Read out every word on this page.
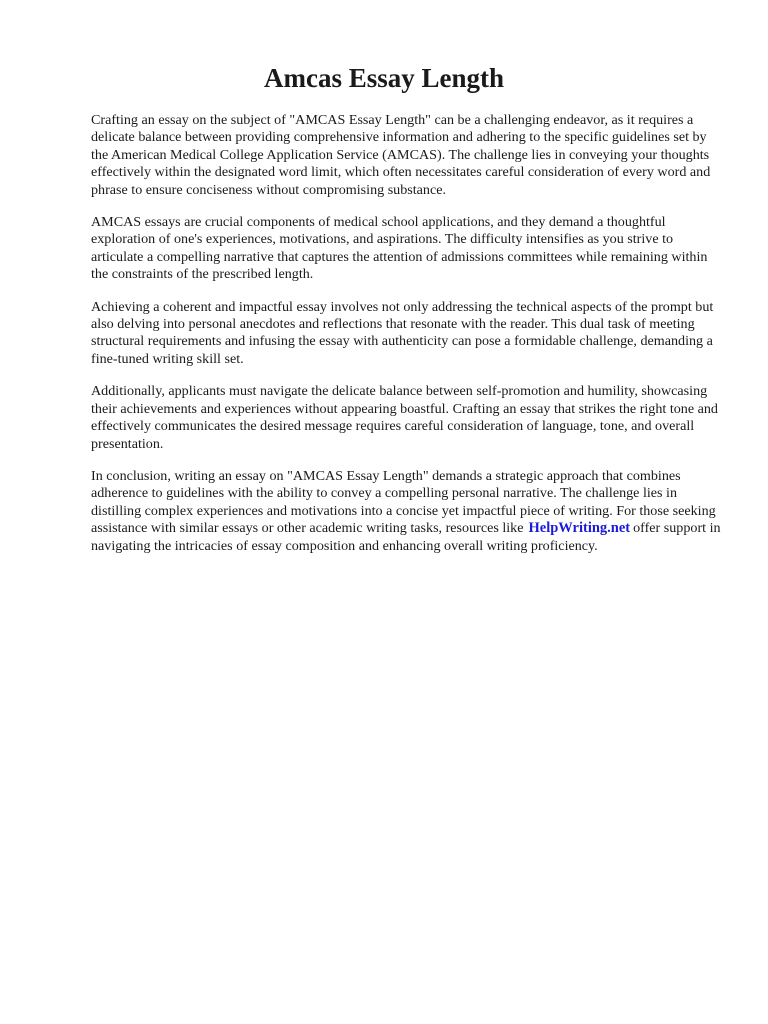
Amcas Essay Length

Crafting an essay on the subject of "AMCAS Essay Length" can be a challenging endeavor, as it requires a delicate balance between providing comprehensive information and adhering to the specific guidelines set by the American Medical College Application Service (AMCAS). The challenge lies in conveying your thoughts effectively within the designated word limit, which often necessitates careful consideration of every word and phrase to ensure conciseness without compromising substance.

AMCAS essays are crucial components of medical school applications, and they demand a thoughtful exploration of one's experiences, motivations, and aspirations. The difficulty intensifies as you strive to articulate a compelling narrative that captures the attention of admissions committees while remaining within the constraints of the prescribed length.

Achieving a coherent and impactful essay involves not only addressing the technical aspects of the prompt but also delving into personal anecdotes and reflections that resonate with the reader. This dual task of meeting structural requirements and infusing the essay with authenticity can pose a formidable challenge, demanding a fine-tuned writing skill set.

Additionally, applicants must navigate the delicate balance between self-promotion and humility, showcasing their achievements and experiences without appearing boastful. Crafting an essay that strikes the right tone and effectively communicates the desired message requires careful consideration of language, tone, and overall presentation.

In conclusion, writing an essay on "AMCAS Essay Length" demands a strategic approach that combines adherence to guidelines with the ability to convey a compelling personal narrative. The challenge lies in distilling complex experiences and motivations into a concise yet impactful piece of writing. For those seeking assistance with similar essays or other academic writing tasks, resources like HelpWriting.net offer support in navigating the intricacies of essay composition and enhancing overall writing proficiency.
